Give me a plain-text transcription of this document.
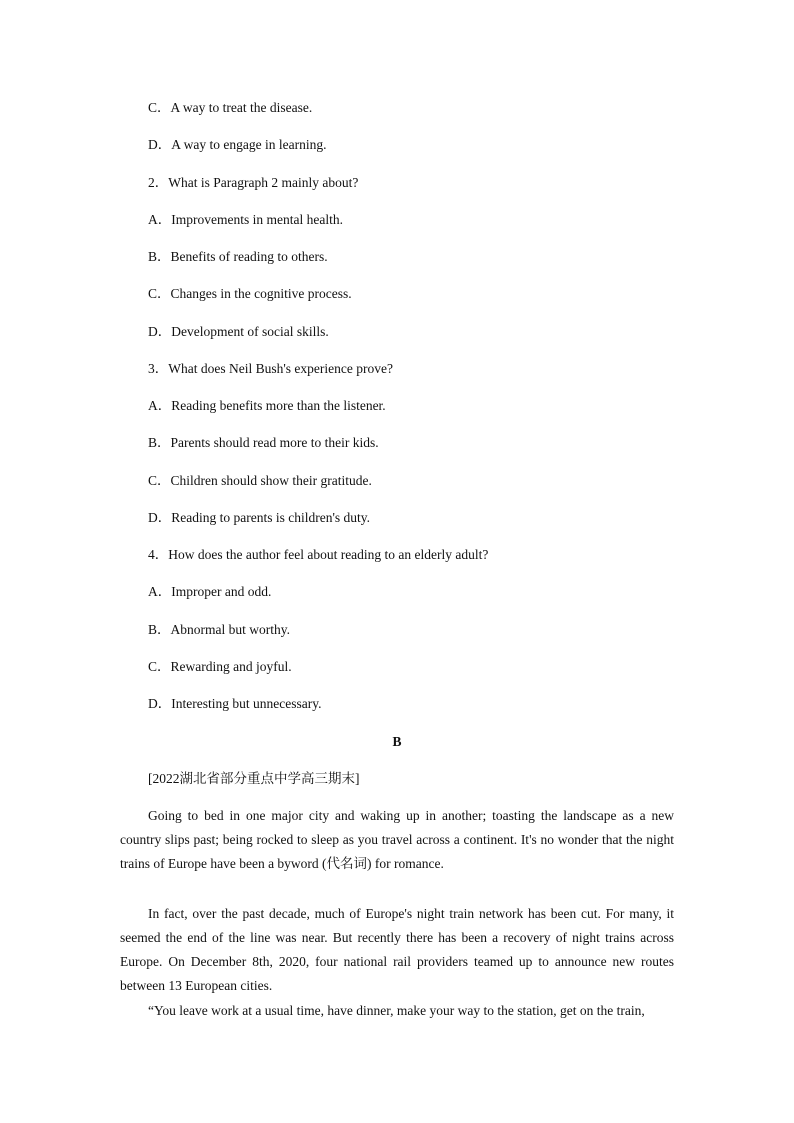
C．A way to treat the disease.
D．A way to engage in learning.
2．What is Paragraph 2 mainly about?
A．Improvements in mental health.
B．Benefits of reading to others.
C．Changes in the cognitive process.
D．Development of social skills.
3．What does Neil Bush's experience prove?
A．Reading benefits more than the listener.
B．Parents should read more to their kids.
C．Children should show their gratitude.
D．Reading to parents is children's duty.
4．How does the author feel about reading to an elderly adult?
A．Improper and odd.
B．Abnormal but worthy.
C．Rewarding and joyful.
D．Interesting but unnecessary.
B
[2022湖北省部分重点中学高三期末]
Going to bed in one major city and waking up in another; toasting the landscape as a new country slips past; being rocked to sleep as you travel across a continent. It's no wonder that the night trains of Europe have been a byword (代名词) for romance.
In fact, over the past decade, much of Europe's night train network has been cut. For many, it seemed the end of the line was near. But recently there has been a recovery of night trains across Europe. On December 8th, 2020, four national rail providers teamed up to announce new routes between 13 European cities.
“You leave work at a usual time, have dinner, make your way to the station, get on the train,
